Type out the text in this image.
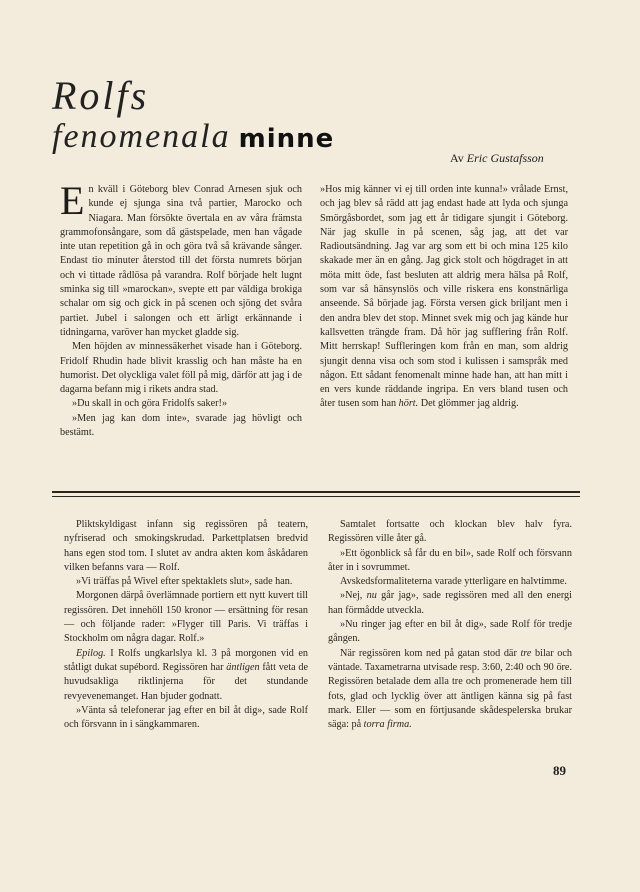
Rolfs
fenomenala minne
Av Eric Gustafsson

En kväll i Göteborg blev Conrad Arnesen sjuk och kunde ej sjunga sina två partier, Marocko och Niagara. Man försökte övertala en av våra främsta grammofonsångare, som då gästspelade, men han vågade inte utan repetition gå in och göra två så krävande sånger. Endast tio minuter återstod till det första numrets början och vi tittade rådlösa på varandra. Rolf började helt lugnt sminka sig till »marockan», svepte ett par väldiga brokiga schalar om sig och gick in på scenen och sjöng det svåra partiet. Jubel i salongen och ett ärligt erkännande i tidningarna, varöver han mycket gladde sig.

Men höjden av minnessäkerhet visade han i Göteborg. Fridolf Rhudin hade blivit krasslig och han måste ha en humorist. Det olyckliga valet föll på mig, därför att jag i de dagarna befann mig i rikets andra stad.

»Du skall in och göra Fridolfs saker!»

»Men jag kan dom inte», svarade jag hövligt och bestämt.

»Hos mig känner vi ej till orden inte kunna!» vrålade Ernst, och jag blev så rädd att jag endast hade att lyda och sjunga Smörgåsbordet, som jag ett år tidigare sjungit i Göteborg. När jag skulle in på scenen, såg jag, att det var Radioutsändning. Jag var arg som ett bi och mina 125 kilo skakade mer än en gång. Jag gick stolt och högdraget in att möta mitt öde, fast besluten att aldrig mera hälsa på Rolf, som var så hänsynslös och ville riskera ens konstnärliga anseende. Så började jag. Första versen gick briljant men i den andra blev det stop. Minnet svek mig och jag kände hur kallsvetten trängde fram. Då hör jag sufflering från Rolf. Mitt herrskap! Suffleringen kom från en man, som aldrig sjungit denna visa och som stod i kulissen i samspråk med någon. Ett sådant fenomenalt minne hade han, att han mitt i en vers kunde räddande ingripa. En vers bland tusen och åter tusen som han hört. Det glömmer jag aldrig.

Pliktskyldigast infann sig regissören på teatern, nyfriserad och smokingskrudad. Parkettplatsen bredvid hans egen stod tom. I slutet av andra akten kom åskådaren vilken befanns vara — Rolf.

»Vi träffas på Wivel efter spektaklets slut», sade han.

Morgonen därpå överlämnade portiern ett nytt kuvert till regissören. Det innehöll 150 kronor — ersättning för resan — och följande rader: »Flyger till Paris. Vi träffas i Stockholm om några dagar. Rolf.»

Epilog. I Rolfs ungkarlslya kl. 3 på morgonen vid en ståtligt dukat supébord. Regissören har äntligen fått veta de huvudsakliga riktlinjerna för det stundande revyevenemanget. Han bjuder godnatt.

»Vänta så telefonerar jag efter en bil åt dig», sade Rolf och försvann in i sängkammaren.

Samtalet fortsatte och klockan blev halv fyra. Regissören ville åter gå.

»Ett ögonblick så får du en bil», sade Rolf och försvann åter in i sovrummet.

Avskedsformaliteterna varade ytterligare en halvtimme.

»Nej, nu går jag», sade regissören med all den energi han förmådde utveckla.

»Nu ringer jag efter en bil åt dig», sade Rolf för tredje gången.

När regissören kom ned på gatan stod där tre bilar och väntade. Taxametrarna utvisade resp. 3:60, 2:40 och 90 öre. Regissören betalade dem alla tre och promenerade hem till fots, glad och lycklig över att äntligen känna sig på fast mark. Eller — som en förtjusande skådespelerska brukar säga: på torra firma.

89
